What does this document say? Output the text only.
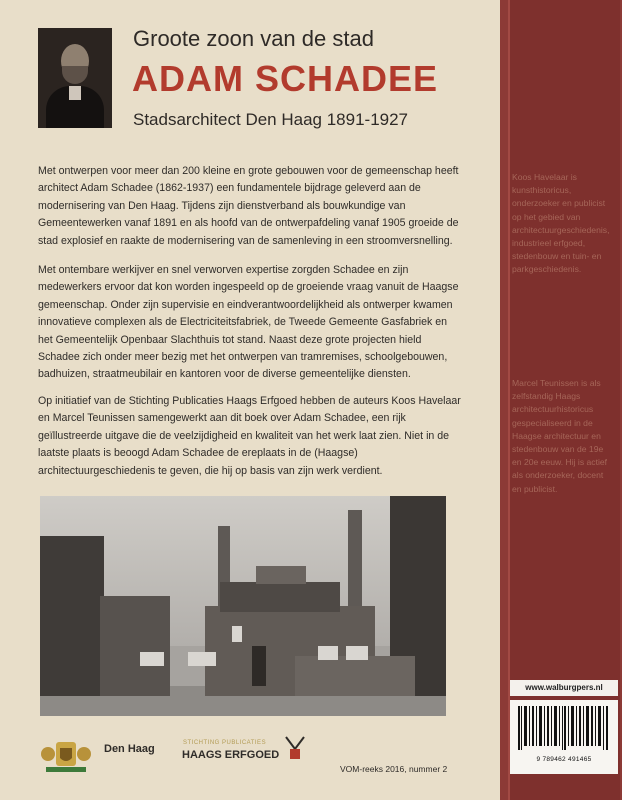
Groote zoon van de stad
ADAM SCHADEE
Stadsarchitect Den Haag 1891-1927
Met ontwerpen voor meer dan 200 kleine en grote gebouwen voor de gemeenschap heeft architect Adam Schadee (1862-1937) een fundamentele bijdrage geleverd aan de modernisering van Den Haag. Tijdens zijn dienstverband als bouwkundige van Gemeentewerken vanaf 1891 en als hoofd van de ontwerpafdeling vanaf 1905 groeide de stad explosief en raakte de modernisering van de samenleving in een stroomversnelling.
Met ontembare werkijver en snel verworven expertise zorgden Schadee en zijn medewerkers ervoor dat kon worden ingespeeld op de groeiende vraag vanuit de Haagse gemeenschap. Onder zijn supervisie en eindverantwoordelijkheid als ontwerper kwamen innovatieve complexen als de Electriciteitsfabriek, de Tweede Gemeente Gasfabriek en het Gemeentelijk Openbaar Slachthuis tot stand. Naast deze grote projecten hield Schadee zich onder meer bezig met het ontwerpen van tramremises, schoolgebouwen, badhuizen, straatmeubilair en kantoren voor de diverse gemeentelijke diensten.
Op initiatief van de Stichting Publicaties Haags Erfgoed hebben de auteurs Koos Havelaar en Marcel Teunissen samengewerkt aan dit boek over Adam Schadee, een rijk geïllustreerde uitgave die de veelzijdigheid en kwaliteit van het werk laat zien. Niet in de laatste plaats is beoogd Adam Schadee de ereplaats in de (Haagse) architectuurgeschiedenis te geven, die hij op basis van zijn werk verdient.
Den Haag	STICHTING PUBLICATIES
HAAGS ERFGOED
VOM-reeks 2016, nummer 2
Koos Havelaar is kunsthistoricus, onderzoeker en publicist op het gebied van architectuurgeschiedenis, industrieel erfgoed, stedenbouw en tuin- en parkgeschiedenis.
Marcel Teunissen is als zelfstandig Haags architectuurhistoricus gespecialiseerd in de Haagse architectuur en stedenbouw van de 19e en 20e eeuw. Hij is actief als onderzoeker, docent en publicist.
www.walburgpers.nl
9 789462 491465
